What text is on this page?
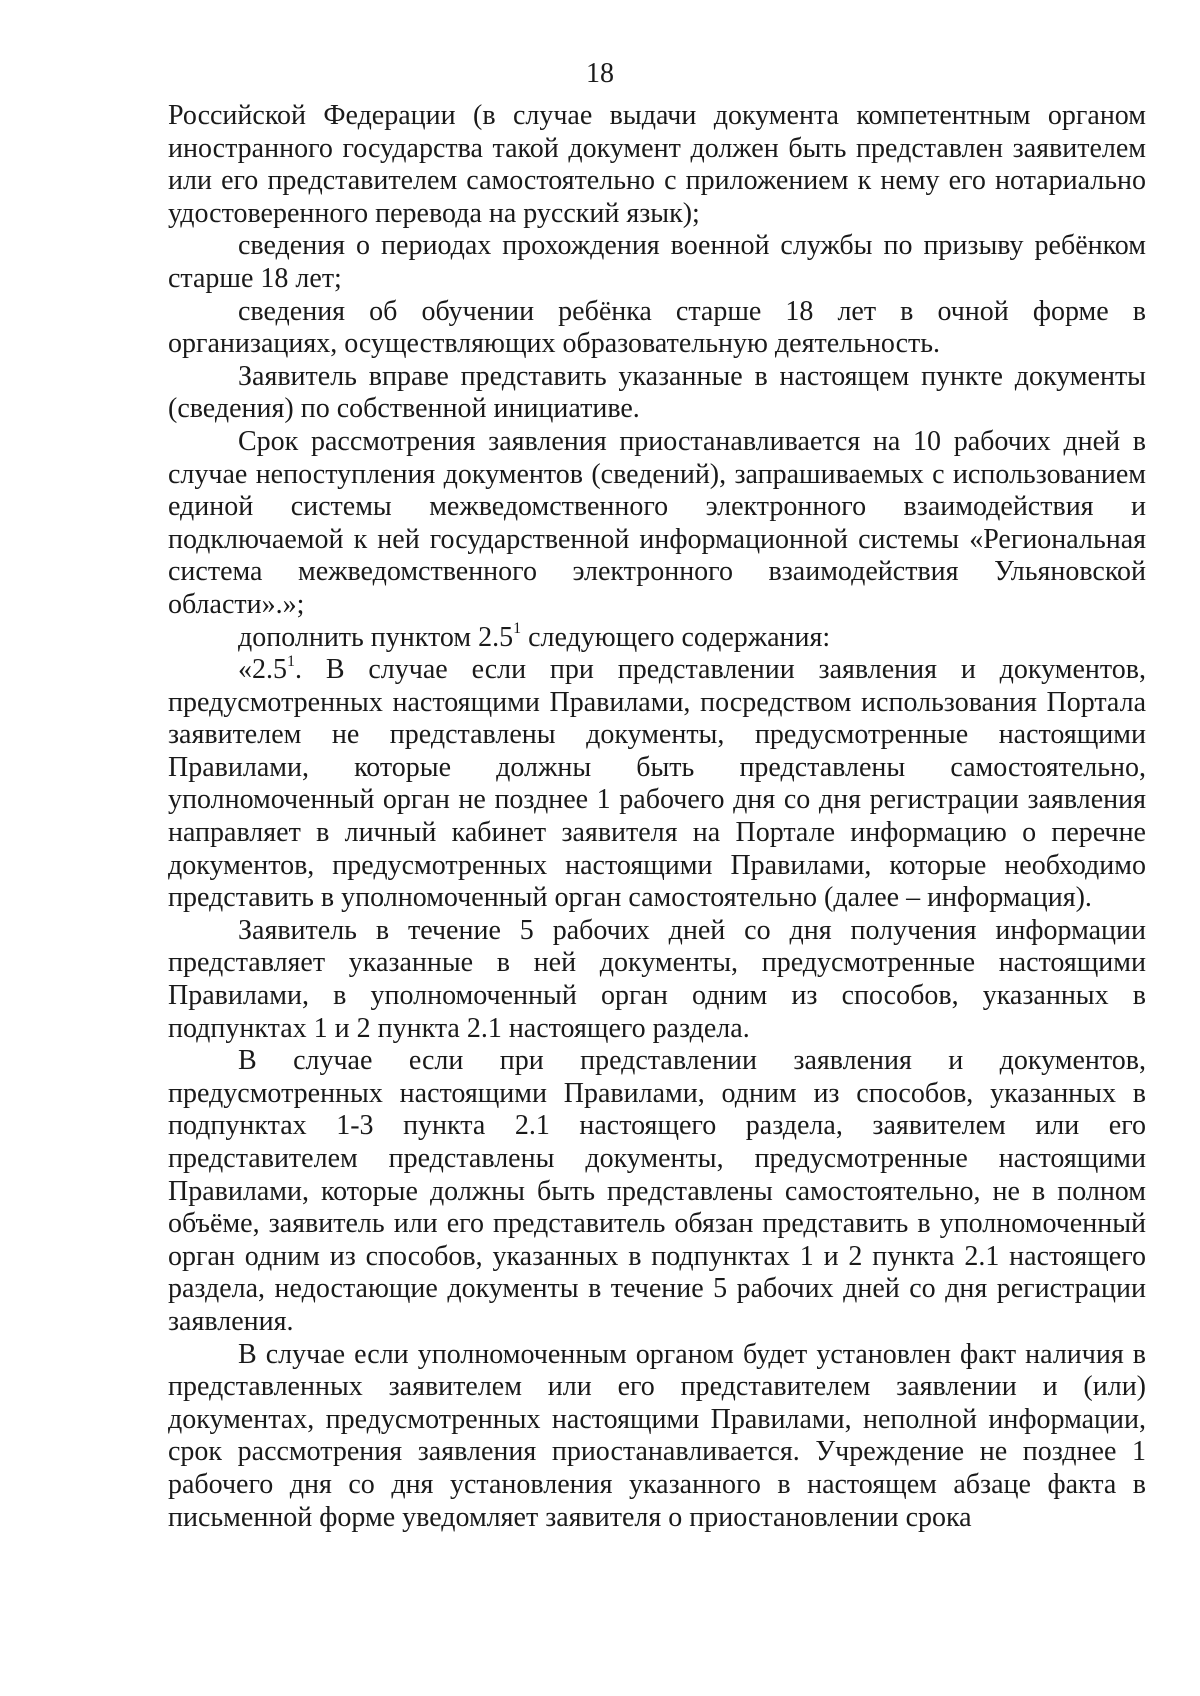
18

Российской Федерации (в случае выдачи документа компетентным органом иностранного государства такой документ должен быть представлен заявителем или его представителем самостоятельно с приложением к нему его нотариально удостоверенного перевода на русский язык);

сведения о периодах прохождения военной службы по призыву ребёнком старше 18 лет;

сведения об обучении ребёнка старше 18 лет в очной форме в организациях, осуществляющих образовательную деятельность.

Заявитель вправе представить указанные в настоящем пункте документы (сведения) по собственной инициативе.

Срок рассмотрения заявления приостанавливается на 10 рабочих дней в случае непоступления документов (сведений), запрашиваемых с использованием единой системы межведомственного электронного взаимодействия и подключаемой к ней государственной информационной системы «Региональная система межведомственного электронного взаимодействия Ульяновской области».»;

дополнить пунктом $2.5^1$ следующего содержания:

«$2.5^1$. В случае если при представлении заявления и документов, предусмотренных настоящими Правилами, посредством использования Портала заявителем не представлены документы, предусмотренные настоящими Правилами, которые должны быть представлены самостоятельно, уполномоченный орган не позднее 1 рабочего дня со дня регистрации заявления направляет в личный кабинет заявителя на Портале информацию о перечне документов, предусмотренных настоящими Правилами, которые необходимо представить в уполномоченный орган самостоятельно (далее – информация).

Заявитель в течение 5 рабочих дней со дня получения информации представляет указанные в ней документы, предусмотренные настоящими Правилами, в уполномоченный орган одним из способов, указанных в подпунктах 1 и 2 пункта 2.1 настоящего раздела.

В случае если при представлении заявления и документов, предусмотренных настоящими Правилами, одним из способов, указанных в подпунктах 1-3 пункта 2.1 настоящего раздела, заявителем или его представителем представлены документы, предусмотренные настоящими Правилами, которые должны быть представлены самостоятельно, не в полном объёме, заявитель или его представитель обязан представить в уполномоченный орган одним из способов, указанных в подпунктах 1 и 2 пункта 2.1 настоящего раздела, недостающие документы в течение 5 рабочих дней со дня регистрации заявления.

В случае если уполномоченным органом будет установлен факт наличия в представленных заявителем или его представителем заявлении и (или) документах, предусмотренных настоящими Правилами, неполной информации, срок рассмотрения заявления приостанавливается. Учреждение не позднее 1 рабочего дня со дня установления указанного в настоящем абзаце факта в письменной форме уведомляет заявителя о приостановлении срока
